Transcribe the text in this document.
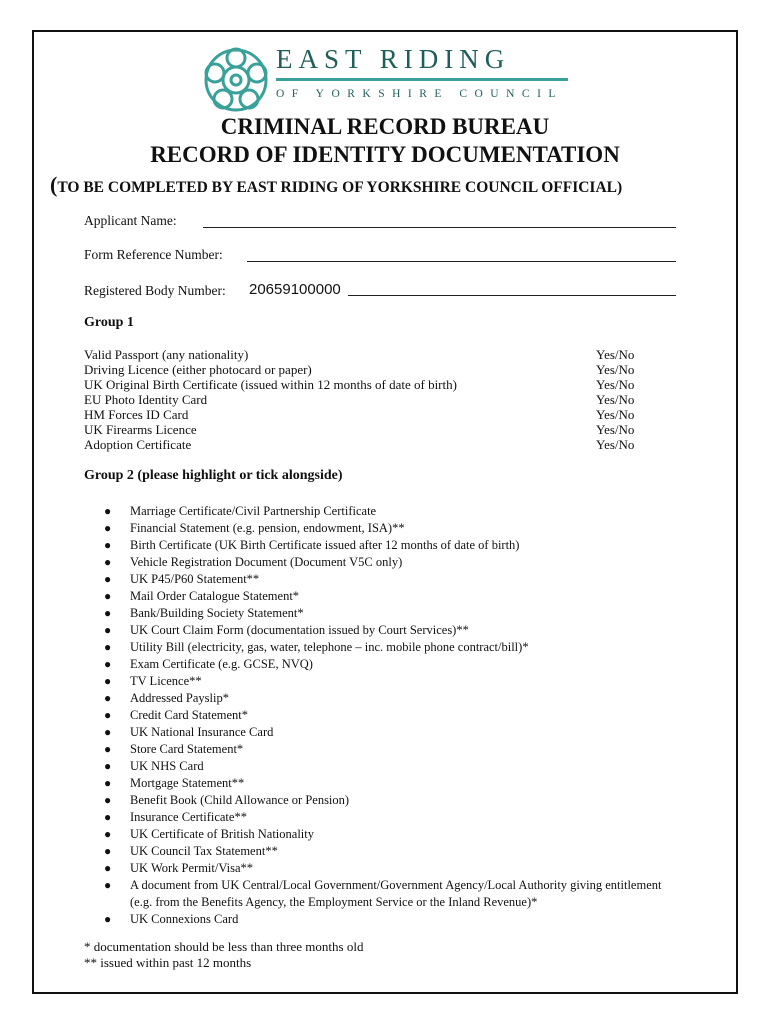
EAST RIDING
OF YORKSHIRE COUNCIL
CRIMINAL RECORD BUREAU
RECORD OF IDENTITY DOCUMENTATION
(TO BE COMPLETED BY EAST RIDING OF YORKSHIRE COUNCIL OFFICIAL)
Applicant Name:
Form Reference Number:
Registered Body Number: 20659100000
Group 1
Valid Passport (any nationality)	Yes/No
Driving Licence (either photocard or paper)	Yes/No
UK Original Birth Certificate (issued within 12 months of date of birth)	Yes/No
EU Photo Identity Card	Yes/No
HM Forces ID Card	Yes/No
UK Firearms Licence	Yes/No
Adoption Certificate	Yes/No
Group 2 (please highlight or tick alongside)
●	Marriage Certificate/Civil Partnership Certificate
●	Financial Statement (e.g. pension, endowment, ISA)**
●	Birth Certificate (UK Birth Certificate issued after 12 months of date of birth)
●	Vehicle Registration Document (Document V5C only)
●	UK P45/P60 Statement**
●	Mail Order Catalogue Statement*
●	Bank/Building Society Statement*
●	UK Court Claim Form (documentation issued by Court Services)**
●	Utility Bill (electricity, gas, water, telephone – inc. mobile phone contract/bill)*
●	Exam Certificate (e.g. GCSE, NVQ)
●	TV Licence**
●	Addressed Payslip*
●	Credit Card Statement*
●	UK National Insurance Card
●	Store Card Statement*
●	UK NHS Card
●	Mortgage Statement**
●	Benefit Book (Child Allowance or Pension)
●	Insurance Certificate**
●	UK Certificate of British Nationality
●	UK Council Tax Statement**
●	UK Work Permit/Visa**
●	A document from UK Central/Local Government/Government Agency/Local Authority giving entitlement
(e.g. from the Benefits Agency, the Employment Service or the Inland Revenue)*
●	UK Connexions Card
* documentation should be less than three months old
** issued within past 12 months
